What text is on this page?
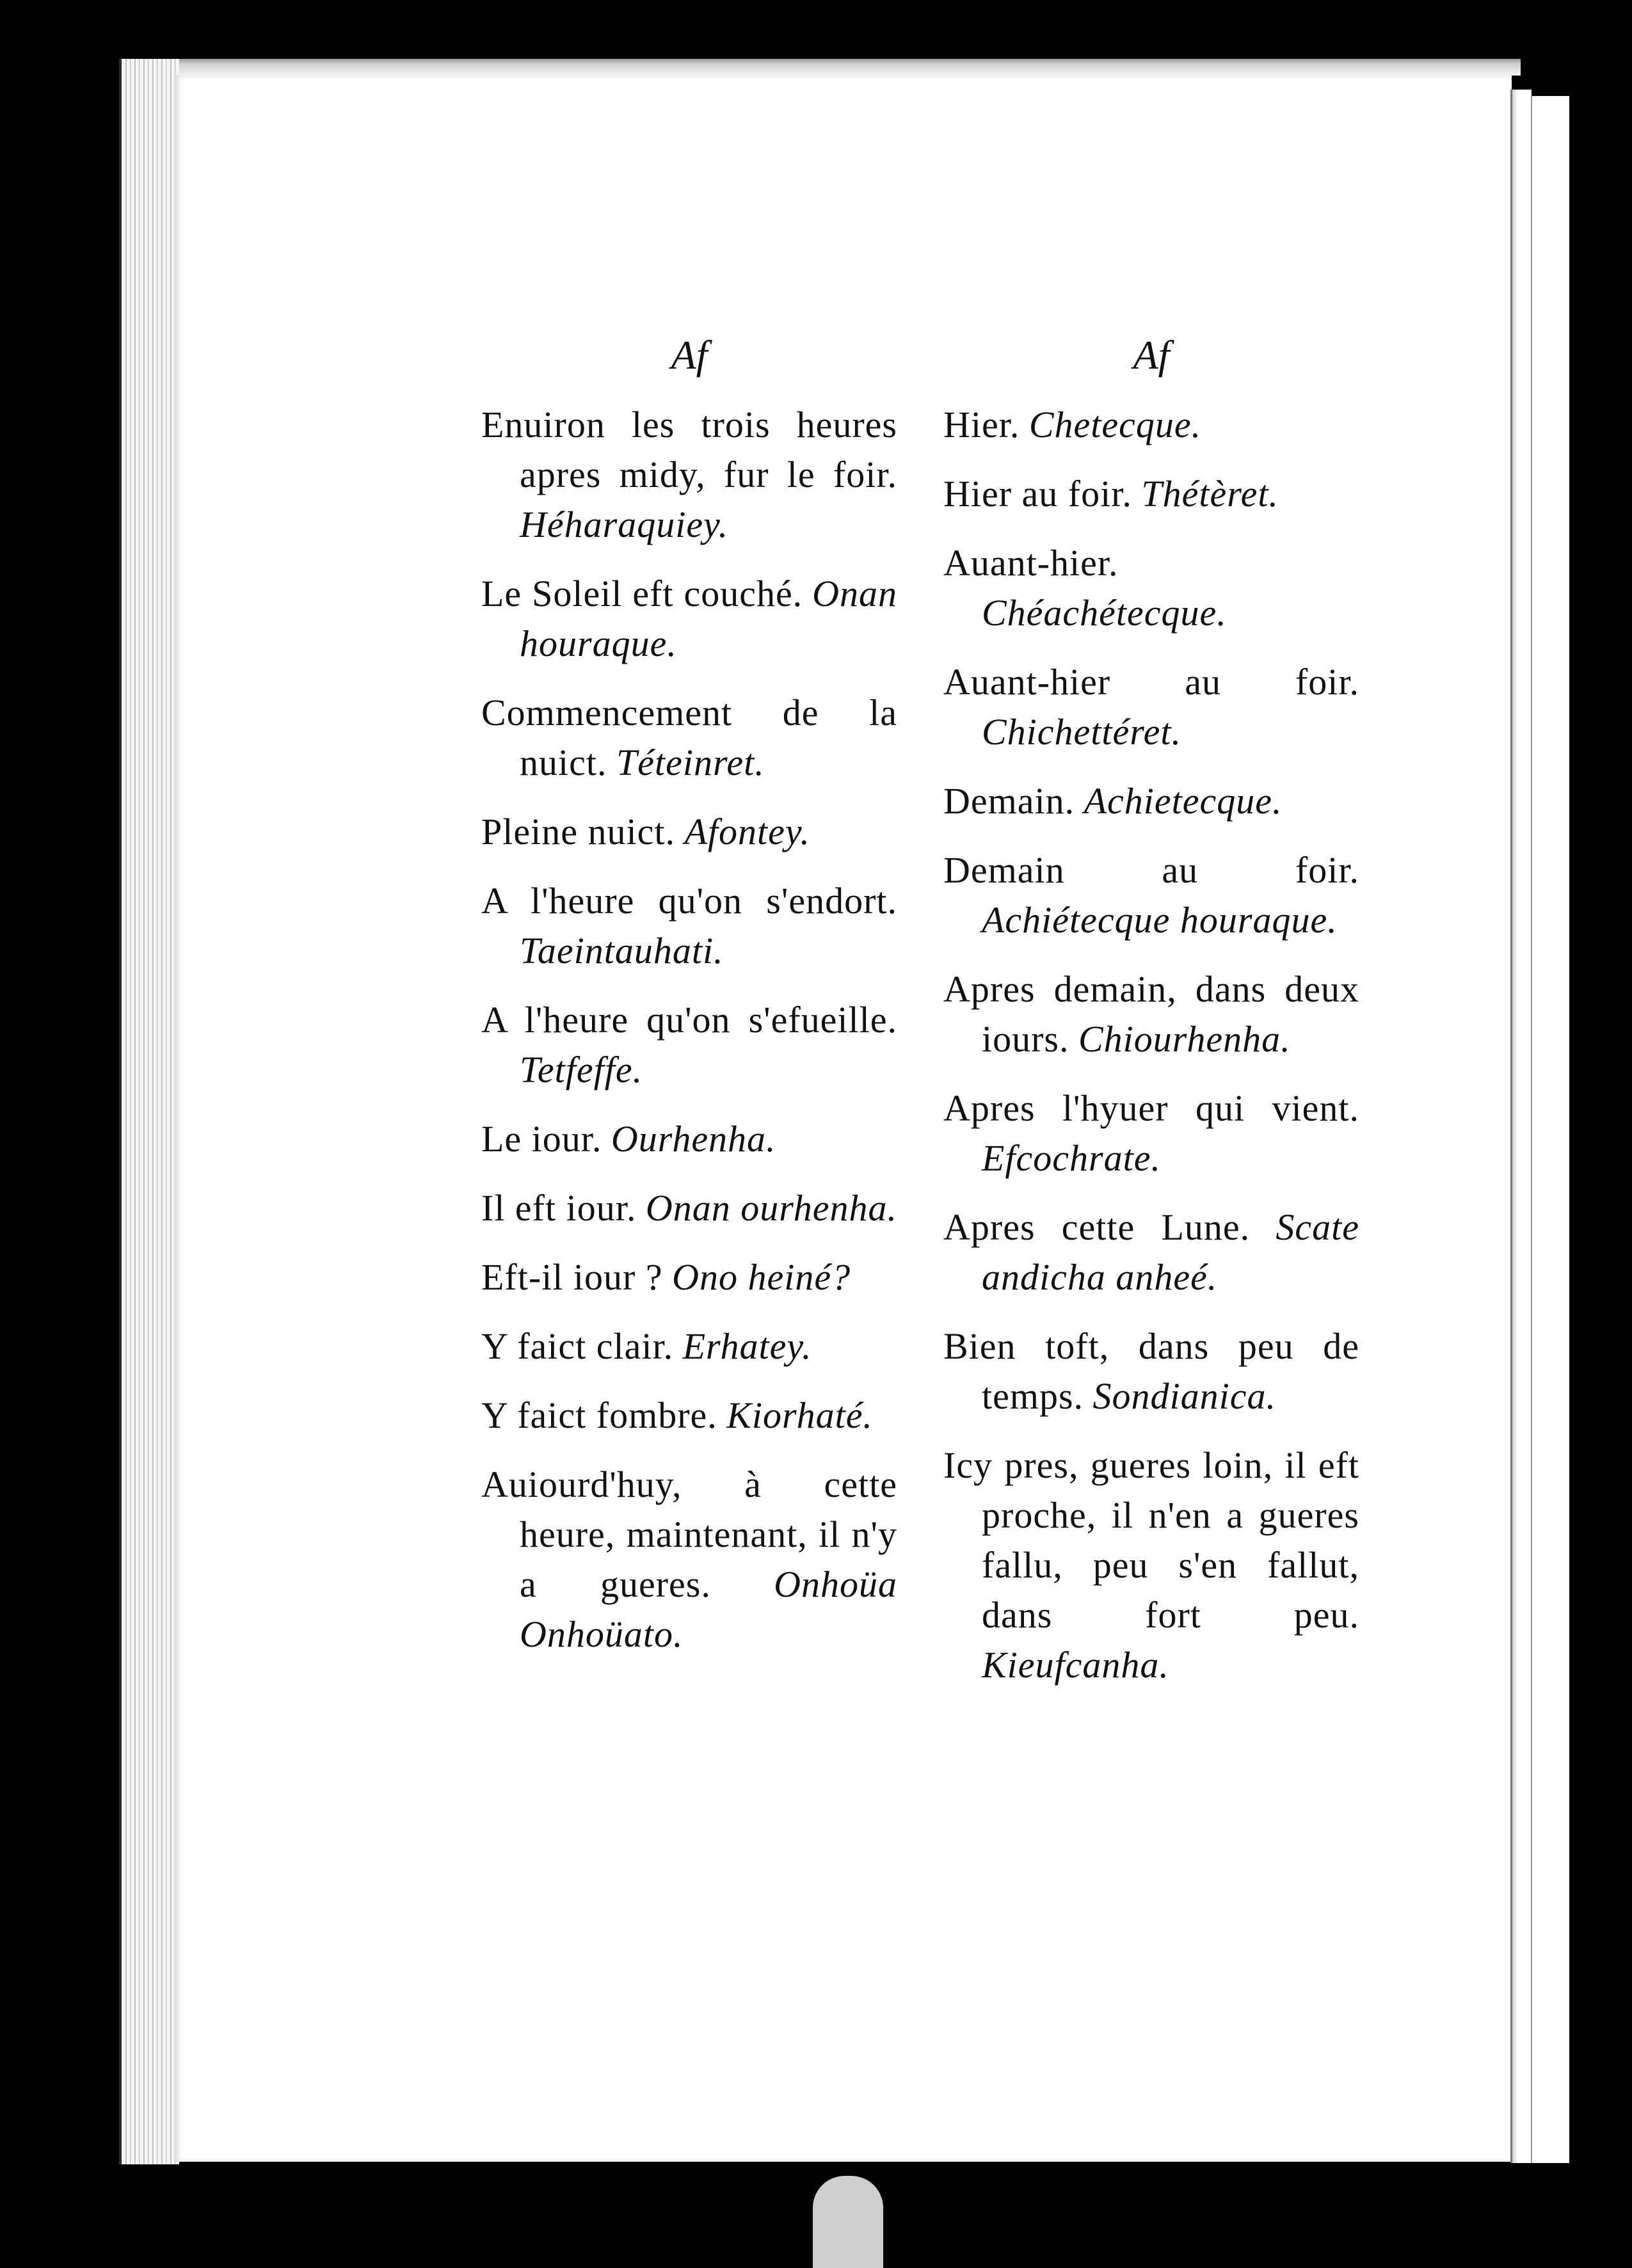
Af

Enuiron les trois heures apres midy, fur le foir. Héharaquiey.

Le Soleil eft couché. Onan houraque.

Commencement de la nuict. Téteinret.

Pleine nuict. Afontey.

A l'heure qu'on s'endort. Taeintauhati.

A l'heure qu'on s'efueille. Tetfeffe.

Le iour. Ourhenha.

Il eft iour. Onan ourhenha.

Eft-il iour ? Ono heiné?

Y faict clair. Erhatey.

Y faict fombre. Kiorhaté.

Auiourd'huy, à cette heure, maintenant, il n'y a gueres. Onhoüa Onhoüato.

Af

Hier. Chetecque.

Hier au foir. Thétèret.

Auant-hier. Chéachétecque.

Auant-hier au foir. Chichettéret.

Demain. Achietecque.

Demain au foir. Achiétecque houraque.

Apres demain, dans deux iours. Chiourhenha.

Apres l'hyuer qui vient. Efcochrate.

Apres cette Lune. Scate andicha anheé.

Bien toft, dans peu de temps. Sondianica.

Icy pres, gueres loin, il eft proche, il n'en a gueres fallu, peu s'en fallut, dans fort peu. Kieufcanha.
